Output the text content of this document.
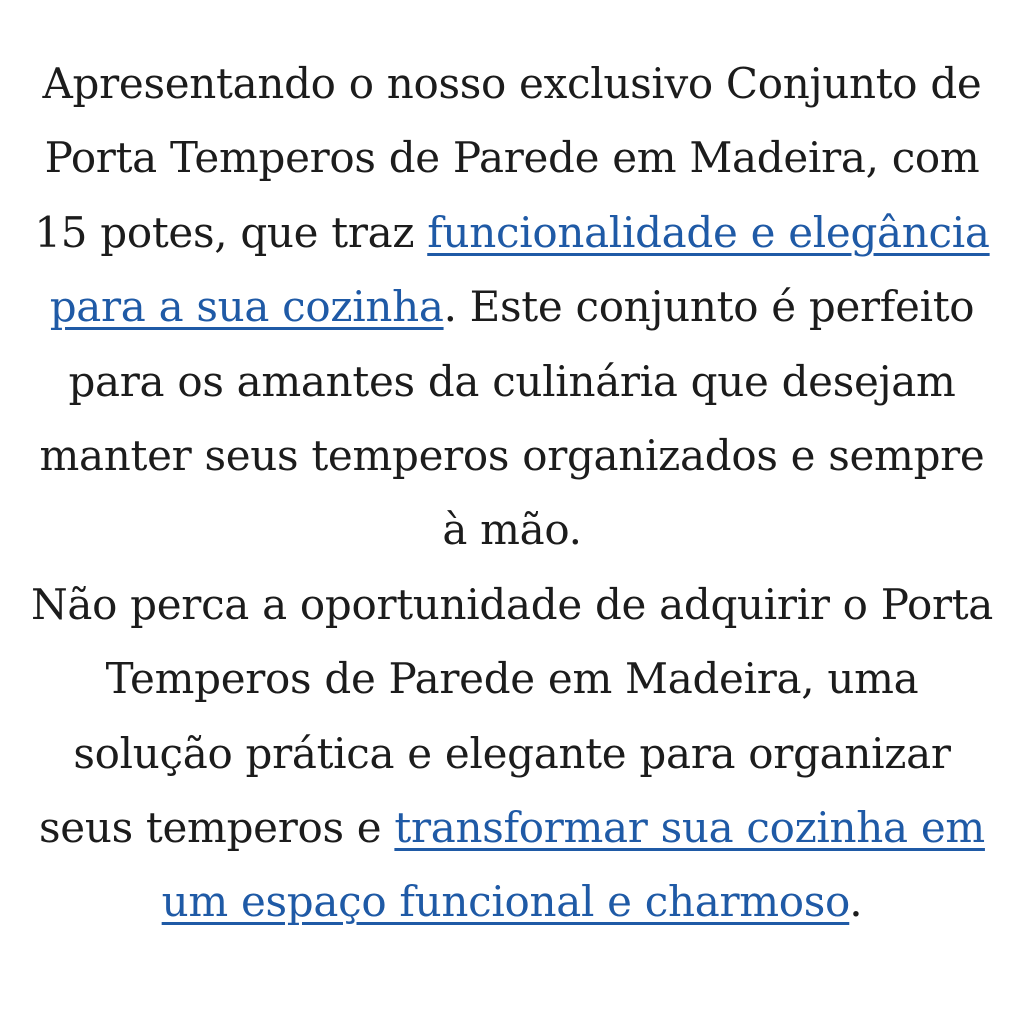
Apresentando o nosso exclusivo Conjunto de Porta Temperos de Parede em Madeira, com 15 potes, que traz funcionalidade e elegância para a sua cozinha. Este conjunto é perfeito para os amantes da culinária que desejam manter seus temperos organizados e sempre à mão.

Não perca a oportunidade de adquirir o Porta Temperos de Parede em Madeira, uma solução prática e elegante para organizar seus temperos e transformar sua cozinha em um espaço funcional e charmoso.
